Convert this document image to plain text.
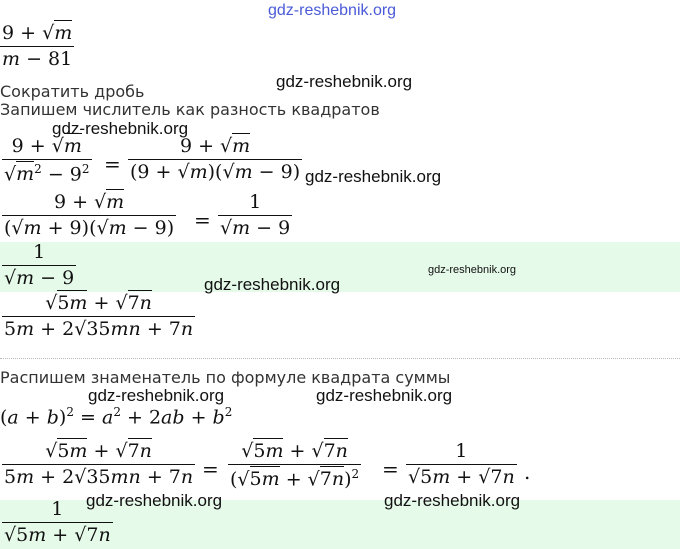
gdz-reshebnik.org
$\frac{9 + √m}{m - 81}$
Сократить дробь
gdz-reshebnik.org
Запишем числитель как разность квадратов
gdz-reshebnik.org
$\frac{9 + √m}{√m^2 - 9^2} = \frac{9 + √m}{(9 + √m)(√m - 9)}$ gdz-reshebnik.org
$\frac{9 + √m}{(√m + 9)(√m - 9)} = \frac{1}{√m - 9}$
$\frac{1}{√m - 9}$	gdz-reshebnik.org
gdz-reshebnik.org
$\frac{√5m + √7n}{5m + 2√35mn + 7n}$
Распишем знаменатель по формуле квадрата суммы
$(a + b)^2 = a^2 + 2ab + b^2$
gdz-reshebnik.org	gdz-reshebnik.org
$\frac{√5m + √7n}{5m + 2√35mn + 7n} = \frac{√5m + √7n}{(√5m + √7n)^2} = \frac{1}{√5m + √7n}$ .
gdz-reshebnik.org	gdz-reshebnik.org
$\frac{1}{√5m + √7n}$
